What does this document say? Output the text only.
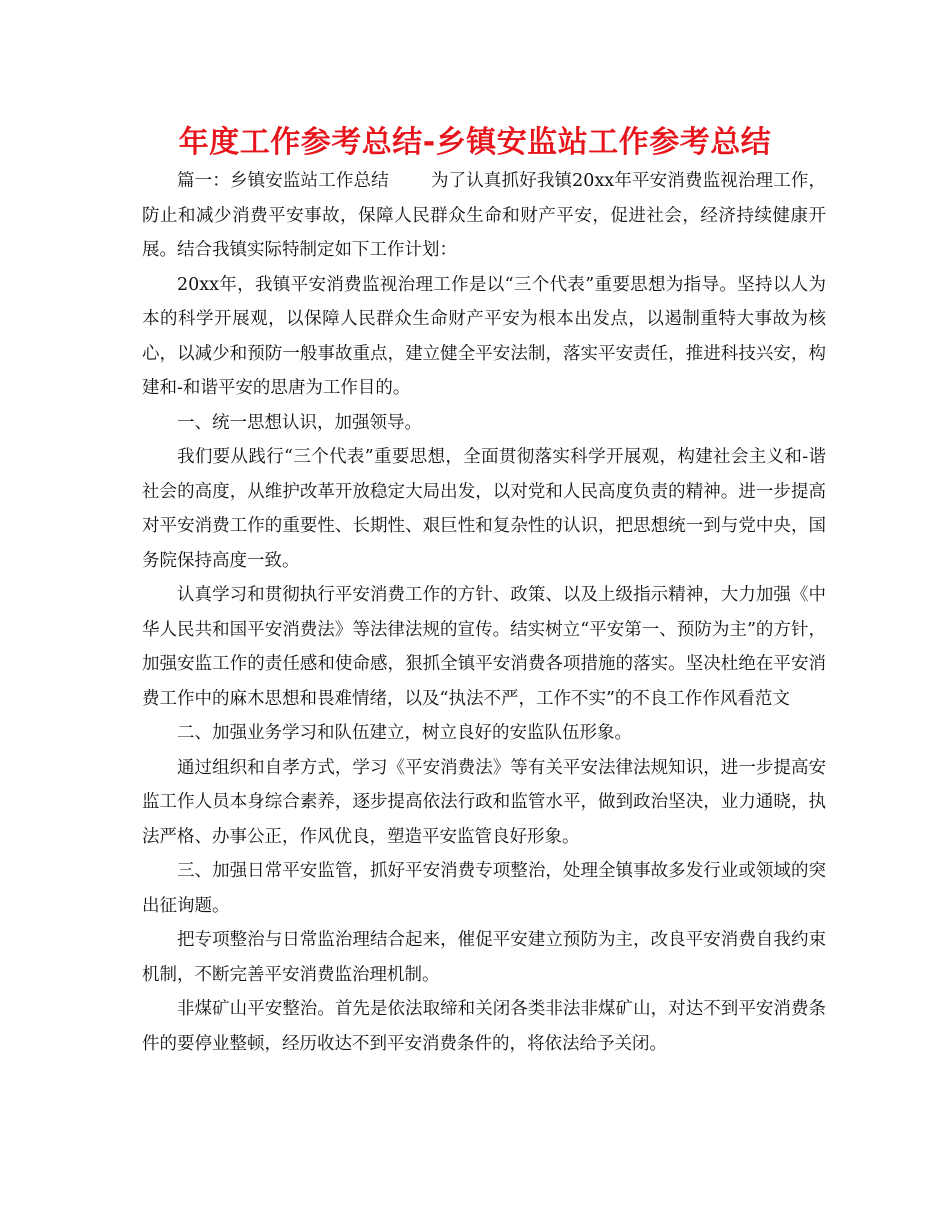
年度工作参考总结-乡镇安监站工作参考总结

篇一：乡镇安监站工作总结 为了认真抓好我镇20xx年平安消费监视治理工作，防止和减少消费平安事故，保障人民群众生命和财产平安，促进社会，经济持续健康开展。结合我镇实际特制定如下工作计划：

20xx年，我镇平安消费监视治理工作是以“三个代表”重要思想为指导。坚持以人为本的科学开展观，以保障人民群众生命财产平安为根本出发点，以遏制重特大事故为核心，以减少和预防一般事故重点，建立健全平安法制，落实平安责任，推进科技兴安，构建和-和谐平安的思唐为工作目的。

一、统一思想认识，加强领导。

我们要从践行“三个代表”重要思想，全面贯彻落实科学开展观，构建社会主义和-谐社会的高度，从维护改革开放稳定大局出发，以对党和人民高度负责的精神。进一步提高对平安消费工作的重要性、长期性、艰巨性和复杂性的认识，把思想统一到与党中央，国务院保持高度一致。

认真学习和贯彻执行平安消费工作的方针、政策、以及上级指示精神，大力加强《中华人民共和国平安消费法》等法律法规的宣传。结实树立“平安第一、预防为主”的方针，加强安监工作的责任感和使命感，狠抓全镇平安消费各项措施的落实。坚决杜绝在平安消费工作中的麻木思想和畏难情绪，以及“执法不严，工作不实”的不良工作作风看范文

二、加强业务学习和队伍建立，树立良好的安监队伍形象。

通过组织和自孝方式，学习《平安消费法》等有关平安法律法规知识，进一步提高安监工作人员本身综合素养，逐步提高依法行政和监管水平，做到政治坚决，业力通晓，执法严格、办事公正，作风优良，塑造平安监管良好形象。

三、加强日常平安监管，抓好平安消费专项整治，处理全镇事故多发行业或领域的突出征询题。

把专项整治与日常监治理结合起来，催促平安建立预防为主，改良平安消费自我约束机制，不断完善平安消费监治理机制。

非煤矿山平安整治。首先是依法取缔和关闭各类非法非煤矿山，对达不到平安消费条件的要停业整顿，经历收达不到平安消费条件的，将依法给予关闭。
